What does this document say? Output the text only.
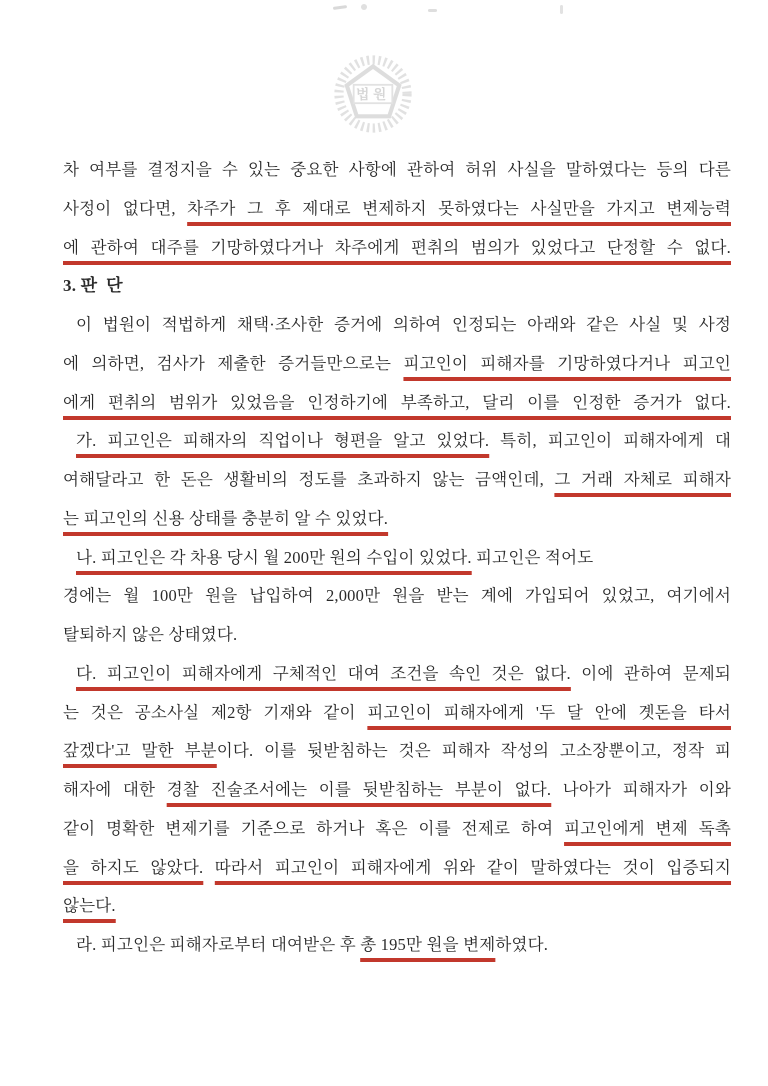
법원
차 여부를 결정지을 수 있는 중요한 사항에 관하여 허위 사실을 말하였다는 등의 다른
사정이 없다면, 차주가 그 후 제대로 변제하지 못하였다는 사실만을 가지고 변제능력
에 관하여 대주를 기망하였다거나 차주에게 편취의 범의가 있었다고 단정할 수 없다.
3. 판  단
이 법원이 적법하게 채택·조사한 증거에 의하여 인정되는 아래와 같은 사실 및 사정
에 의하면, 검사가 제출한 증거들만으로는 피고인이 피해자를 기망하였다거나 피고인
에게 편취의 범위가 있었음을 인정하기에 부족하고, 달리 이를 인정한 증거가 없다.
가. 피고인은 피해자의 직업이나 형편을 알고 있었다. 특히, 피고인이 피해자에게 대
여해달라고 한 돈은 생활비의 정도를 초과하지 않는 금액인데, 그 거래 자체로 피해자
는 피고인의 신용 상태를 충분히 알 수 있었다.
나. 피고인은 각 차용 당시 월 200만 원의 수입이 있었다. 피고인은 적어도
경에는 월 100만 원을 납입하여 2,000만 원을 받는 계에 가입되어 있었고, 여기에서
탈퇴하지 않은 상태였다.
다. 피고인이 피해자에게 구체적인 대여 조건을 속인 것은 없다. 이에 관하여 문제되
는 것은 공소사실 제2항 기재와 같이 피고인이 피해자에게 '두 달 안에 곗돈을 타서
갚겠다'고 말한 부분이다. 이를 뒷받침하는 것은 피해자 작성의 고소장뿐이고, 정작 피
해자에 대한 경찰 진술조서에는 이를 뒷받침하는 부분이 없다. 나아가 피해자가 이와
같이 명확한 변제기를 기준으로 하거나 혹은 이를 전제로 하여 피고인에게 변제 독촉
을 하지도 않았다. 따라서 피고인이 피해자에게 위와 같이 말하였다는 것이 입증되지
않는다.
라. 피고인은 피해자로부터 대여받은 후 총 195만 원을 변제하였다.
